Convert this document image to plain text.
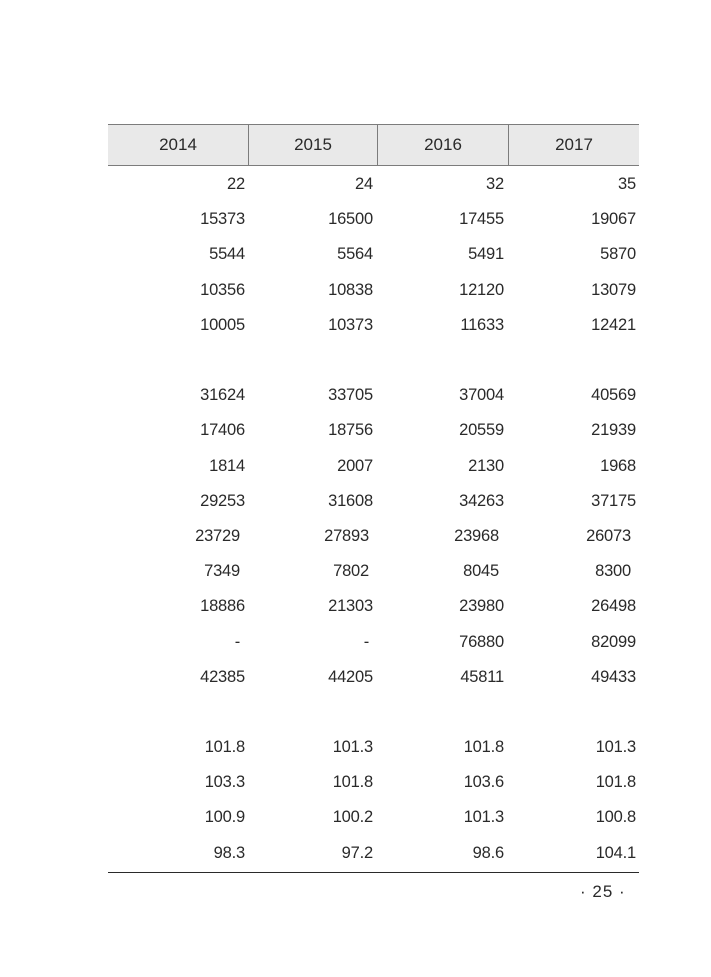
2014	2015	2016	2017
22	24	32	35
15373	16500	17455	19067
5544	5564	5491	5870
10356	10838	12120	13079
10005	10373	11633	12421
31624	33705	37004	40569
17406	18756	20559	21939
1814	2007	2130	1968
29253	31608	34263	37175
23729	27893	23968	26073
7349	7802	8045	8300
18886	21303	23980	26498
-	-	76880	82099
42385	44205	45811	49433
101.8	101.3	101.8	101.3
103.3	101.8	103.6	101.8
100.9	100.2	101.3	100.8
98.3	97.2	98.6	104.1
· 25 ·
